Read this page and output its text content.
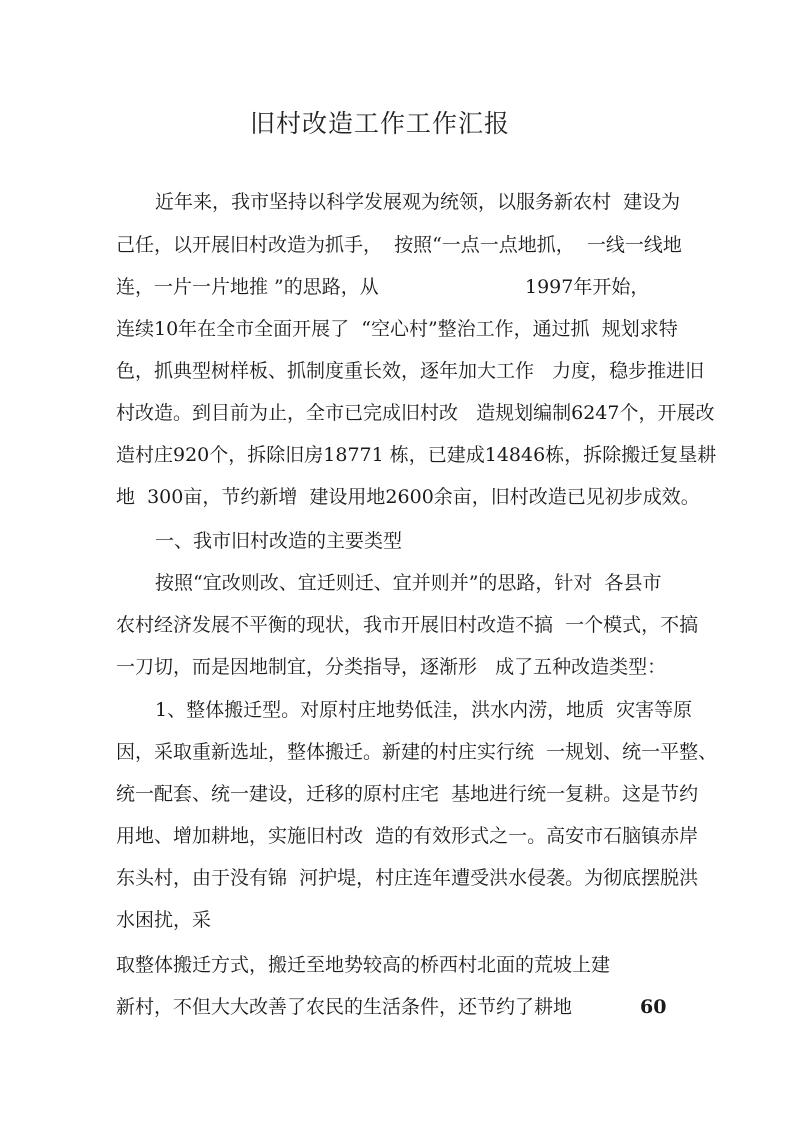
旧村改造工作工作汇报
近年来，我市坚持以科学发展观为统领，以服务新农村  建设为
己任，以开展旧村改造为抓手，  按照“一点一点地抓，  一线一线地
连，一片一片地推 ”的思路，从	1997年开始，
连续10年在全市全面开展了  “空心村”整治工作，通过抓  规划求特
色，抓典型树样板、抓制度重长效，逐年加大工作   力度，稳步推进旧
村改造。到目前为止，全市已完成旧村改   造规划编制6247个，开展改
造村庄920个，拆除旧房18771 栋，已建成14846栋，拆除搬迁复垦耕
地  300亩，节约新增  建设用地2600余亩，旧村改造已见初步成效。
一、我市旧村改造的主要类型
按照“宜改则改、宜迁则迁、宜并则并”的思路，针对  各县市
农村经济发展不平衡的现状，我市开展旧村改造不搞  一个模式，不搞
一刀切，而是因地制宜，分类指导，逐渐形   成了五种改造类型：
1、整体搬迁型。对原村庄地势低洼，洪水内涝，地质  灾害等原
因，采取重新选址，整体搬迁。新建的村庄实行统  一规划、统一平整、
统一配套、统一建设，迁移的原村庄宅  基地进行统一复耕。这是节约
用地、增加耕地，实施旧村改  造的有效形式之一。高安市石脑镇赤岸
东头村，由于没有锦  河护堤，村庄连年遭受洪水侵袭。为彻底摆脱洪
水困扰，采
取整体搬迁方式，搬迁至地势较高的桥西村北面的荒坡上建
新村，不但大大改善了农民的生活条件，还节约了耕地	60
